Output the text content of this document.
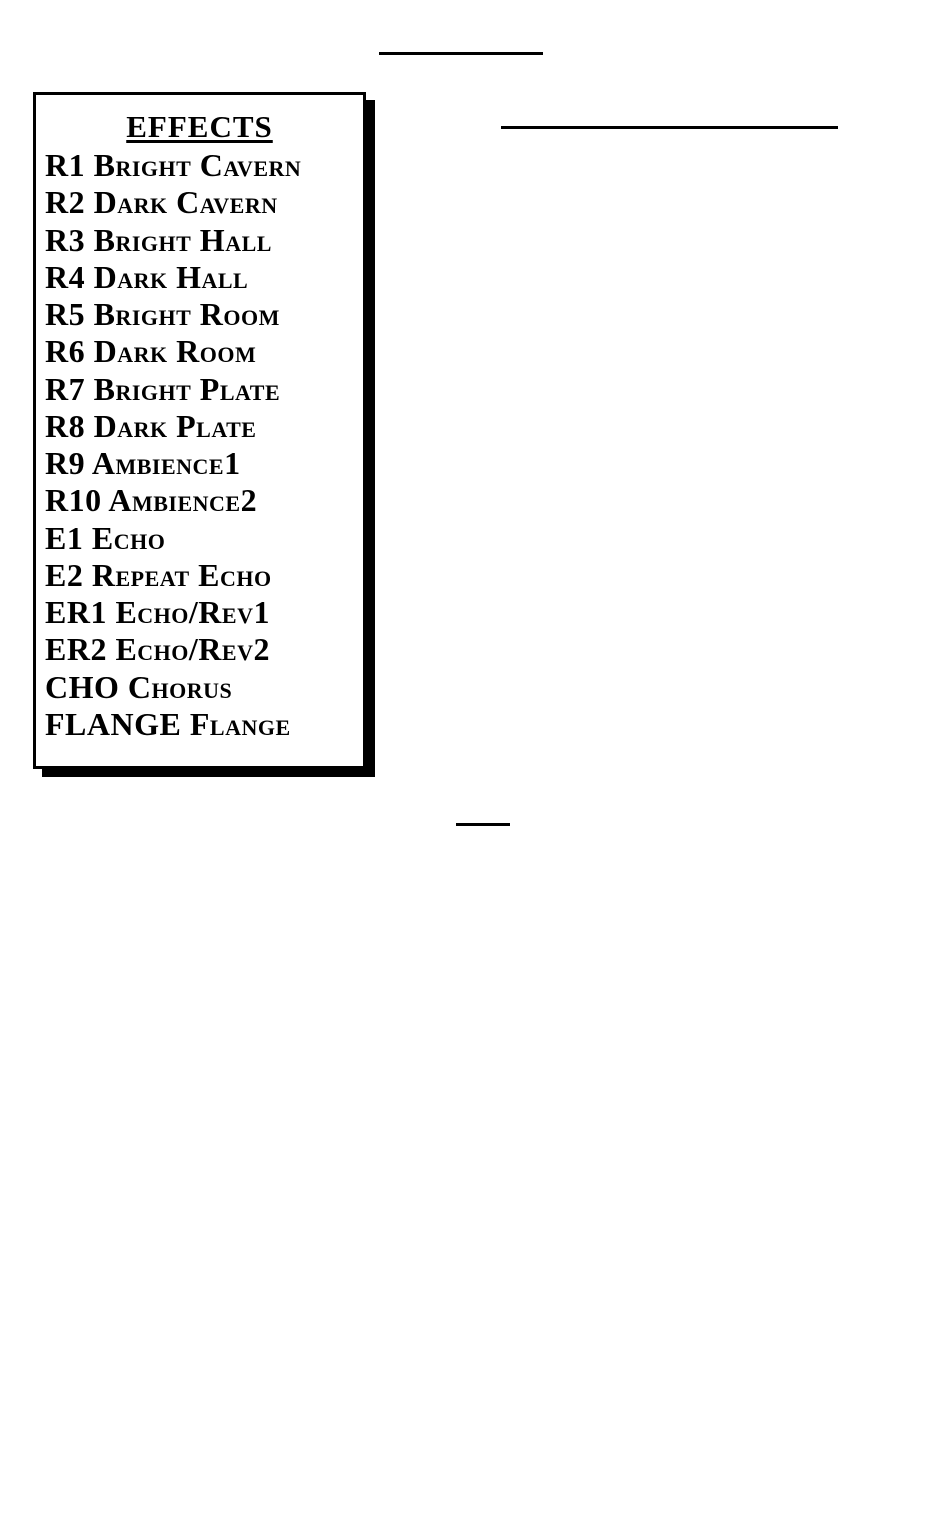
EFFECTS
R1 Bright Cavern
R2 Dark Cavern
R3 Bright Hall
R4 Dark Hall
R5 Bright Room
R6 Dark Room
R7 Bright Plate
R8 Dark Plate
R9 Ambience1
R10 Ambience2
E1 Echo
E2 Repeat Echo
ER1 Echo/Rev1
ER2 Echo/Rev2
CHO Chorus
FLANGE Flange
